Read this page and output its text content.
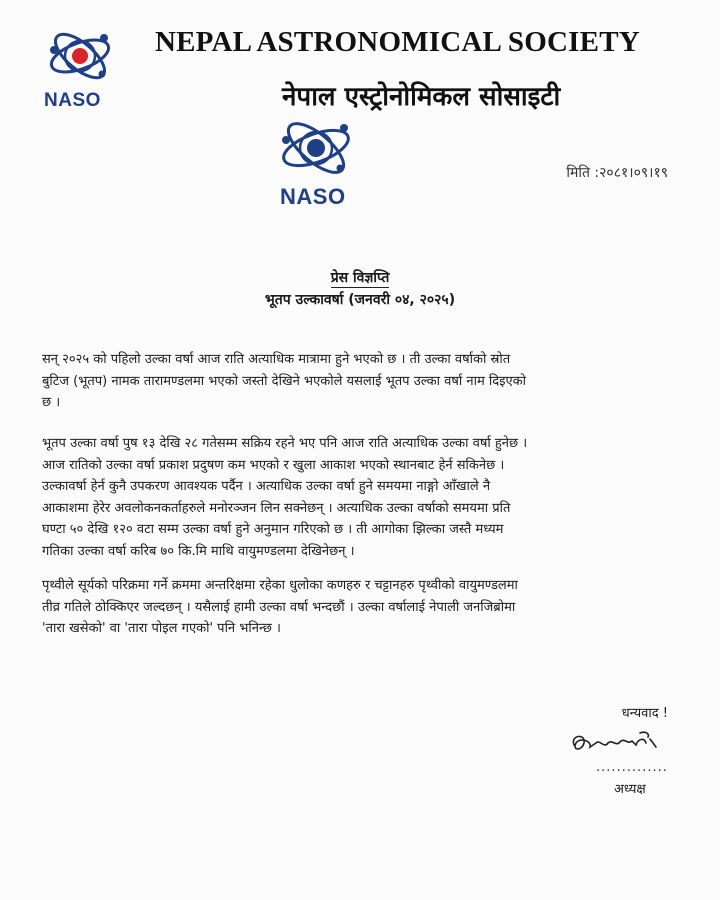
NASO
NEPAL ASTRONOMICAL SOCIETY
नेपाल एस्ट्रोनोमिकल सोसाइटी
NASO
मिति :२०८१।०९।१९
प्रेस विज्ञप्ति
भूतप उल्कावर्षा (जनवरी ०४, २०२५)
सन् २०२५ को पहिलो उल्का वर्षा आज राति अत्याधिक मात्रामा हुने भएको छ । ती उल्का वर्षाको स्रोत
बुटिज (भूतप) नामक तारामण्डलमा भएको जस्तो देखिने भएकोले यसलाई भूतप उल्का वर्षा नाम दिइएको
छ ।
भूतप उल्का वर्षा पुष १३ देखि २८ गतेसम्म सक्रिय रहने भए पनि आज राति अत्याधिक उल्का वर्षा हुनेछ ।
आज रातिको उल्का वर्षा प्रकाश प्रदुषण कम भएको र खुला आकाश भएको स्थानबाट हेर्न सकिनेछ ।
उल्कावर्षा हेर्न कुनै उपकरण आवश्यक पर्दैन । अत्याधिक उल्का वर्षा हुने समयमा नाङ्गो आँखाले नै
आकाशमा हेरेर अवलोकनकर्ताहरुले मनोरञ्जन लिन सक्नेछन् । अत्याधिक उल्का वर्षाको समयमा प्रति
घण्टा ५० देखि १२० वटा सम्म उल्का वर्षा हुने अनुमान गरिएको छ । ती आगोका झिल्का जस्तै मध्यम
गतिका उल्का वर्षा करिब ७० कि.मि माथि वायुमण्डलमा देखिनेछन् ।
पृथ्वीले सूर्यको परिक्रमा गर्ने क्रममा अन्तरिक्षमा रहेका धुलोका कणहरु र चट्टानहरु पृथ्वीको वायुमण्डलमा
तीव्र गतिले ठोक्किएर जल्दछन् । यसैलाई हामी उल्का वर्षा भन्दछौं । उल्का वर्षालाई नेपाली जनजिब्रोमा
'तारा खसेको' वा 'तारा पोइल गएको' पनि भनिन्छ ।
धन्यवाद !
..............
अध्यक्ष
